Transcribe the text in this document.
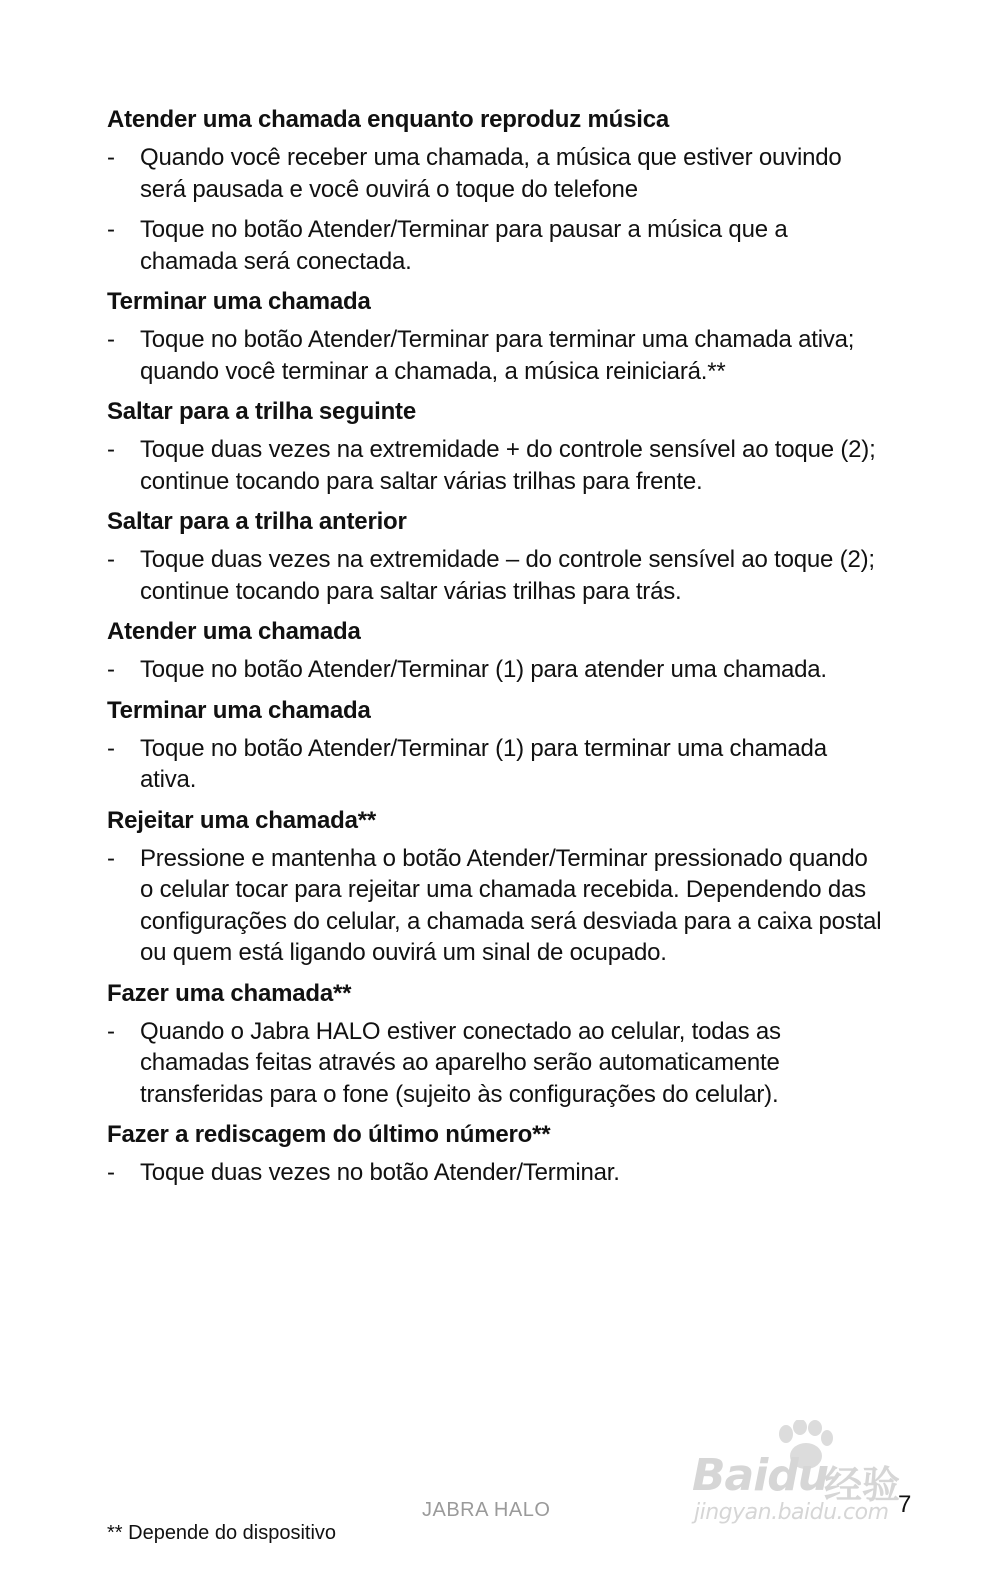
Atender uma chamada enquanto reproduz música
-	Quando você receber uma chamada, a música que estiver ouvindo será pausada e você ouvirá o toque do telefone
-	Toque no botão Atender/Terminar para pausar a música que a chamada será conectada.
Terminar uma chamada
-	Toque no botão Atender/Terminar para terminar uma chamada ativa; quando você terminar a chamada, a música reiniciará.**
Saltar para a trilha seguinte
-	Toque duas vezes na extremidade + do controle sensível ao toque (2); continue tocando para saltar várias trilhas para frente.
Saltar para a trilha anterior
-	Toque duas vezes na extremidade – do controle sensível ao toque (2); continue tocando para saltar várias trilhas para trás.
Atender uma chamada
-	Toque no botão Atender/Terminar (1) para atender uma chamada.
Terminar uma chamada
-	Toque no botão Atender/Terminar (1) para terminar uma chamada ativa.
Rejeitar uma chamada**
-	Pressione e mantenha o botão Atender/Terminar pressionado quando o celular tocar para rejeitar uma chamada recebida. Dependendo das configurações do celular, a chamada será desviada para a caixa postal ou quem está ligando ouvirá um sinal de ocupado.
Fazer uma chamada**
-	Quando o Jabra HALO estiver conectado ao celular, todas as chamadas feitas através ao aparelho serão automaticamente transferidas para o fone (sujeito às configurações do celular).
Fazer a rediscagem do último número**
-	Toque duas vezes no botão Atender/Terminar.
Baidu
经验
jingyan.baidu.com
JABRA HALO	7
** Depende do dispositivo
